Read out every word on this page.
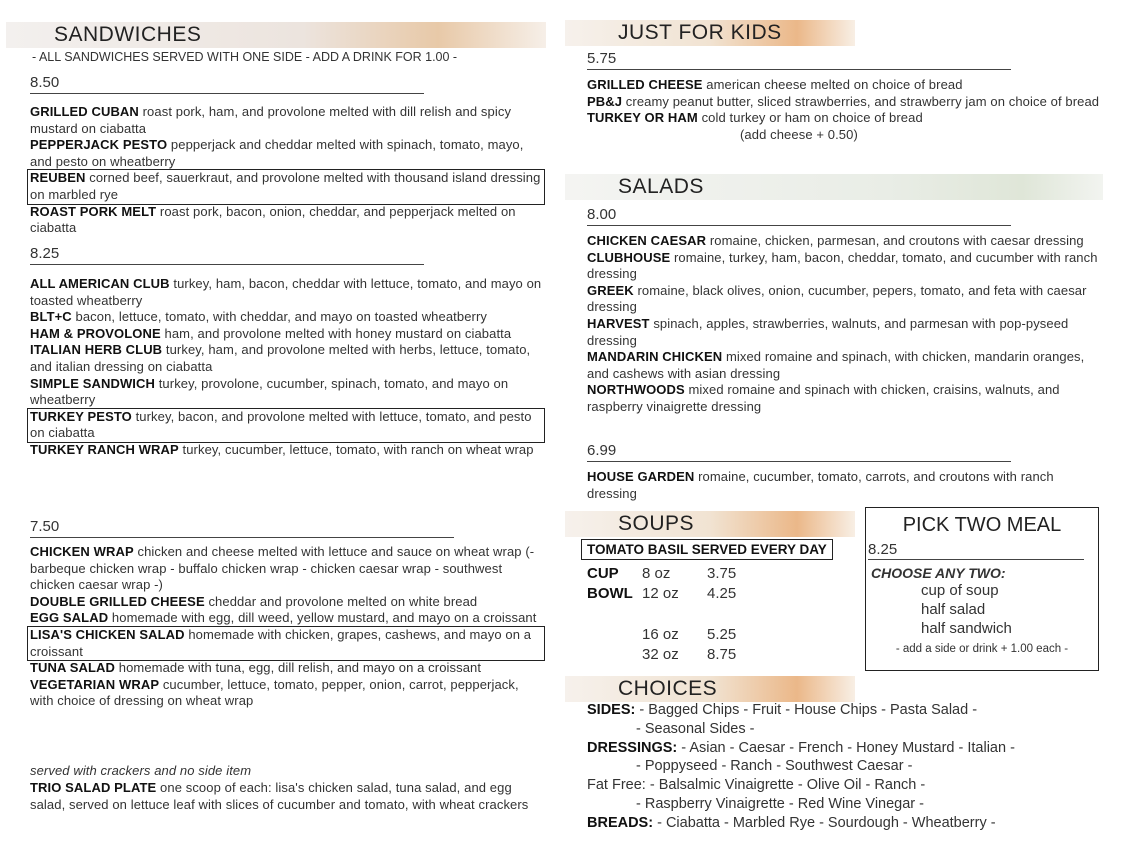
SANDWICHES
- ALL SANDWICHES SERVED WITH ONE SIDE - ADD A DRINK FOR 1.00 -
8.50
GRILLED CUBAN roast pork, ham, and provolone melted with dill relish and spicy mustard on ciabatta
PEPPERJACK PESTO pepperjack and cheddar melted with spinach, tomato, mayo, and pesto on wheatberry
REUBEN corned beef, sauerkraut, and provolone melted with thousand island dressing on marbled rye
ROAST PORK MELT roast pork, bacon, onion, cheddar, and pepperjack melted on ciabatta
8.25
ALL AMERICAN CLUB turkey, ham, bacon, cheddar with lettuce, tomato, and mayo on toasted wheatberry
BLT+C bacon, lettuce, tomato, with cheddar, and mayo on toasted wheatberry
HAM & PROVOLONE ham, and provolone melted with honey mustard on ciabatta
ITALIAN HERB CLUB turkey, ham, and provolone melted with herbs, lettuce, tomato, and italian dressing on ciabatta
SIMPLE SANDWICH turkey, provolone, cucumber, spinach, tomato, and mayo on wheatberry
TURKEY PESTO turkey, bacon, and provolone melted with lettuce, tomato, and pesto on ciabatta
TURKEY RANCH WRAP turkey, cucumber, lettuce, tomato, with ranch on wheat wrap
7.50
CHICKEN WRAP chicken and cheese melted with lettuce and sauce on wheat wrap (- barbeque chicken wrap - buffalo chicken wrap - chicken caesar wrap - southwest chicken caesar wrap -)
DOUBLE GRILLED CHEESE cheddar and provolone melted on white bread
EGG SALAD homemade with egg, dill weed, yellow mustard, and mayo on a croissant
LISA'S CHICKEN SALAD homemade with chicken, grapes, cashews, and mayo on a croissant
TUNA SALAD homemade with tuna, egg, dill relish, and mayo on a croissant
VEGETARIAN WRAP cucumber, lettuce, tomato, pepper, onion, carrot, pepperjack, with choice of dressing on wheat wrap
served with crackers and no side item
TRIO SALAD PLATE one scoop of each: lisa's chicken salad, tuna salad, and egg salad, served on lettuce leaf with slices of cucumber and tomato, with wheat crackers
JUST FOR KIDS
5.75
GRILLED CHEESE american cheese melted on choice of bread
PB&J creamy peanut butter, sliced strawberries, and strawberry jam on choice of bread
TURKEY OR HAM cold turkey or ham on choice of bread
(add cheese + 0.50)
SALADS
8.00
CHICKEN CAESAR romaine, chicken, parmesan, and croutons with caesar dressing
CLUBHOUSE romaine, turkey, ham, bacon, cheddar, tomato, and cucumber with ranch dressing
GREEK romaine, black olives, onion, cucumber, pepers, tomato, and feta with caesar dressing
HARVEST spinach, apples, strawberries, walnuts, and parmesan with pop-pyseed dressing
MANDARIN CHICKEN mixed romaine and spinach, with chicken, mandarin oranges, and cashews with asian dressing
NORTHWOODS mixed romaine and spinach with chicken, craisins, walnuts, and raspberry vinaigrette dressing
6.99
HOUSE GARDEN romaine, cucumber, tomato, carrots, and croutons with ranch dressing
SOUPS
TOMATO BASIL SERVED EVERY DAY
CUP	8 oz	3.75
BOWL 12 oz	4.25
16 oz	5.25
32 oz	8.75
PICK TWO MEAL
8.25
CHOOSE ANY TWO:
cup of soup
half salad
half sandwich
- add a side or drink + 1.00 each -
CHOICES
SIDES: - Bagged Chips - Fruit - House Chips - Pasta Salad -
- Seasonal Sides -
DRESSINGS: - Asian - Caesar - French - Honey Mustard - Italian -
- Poppyseed - Ranch - Southwest Caesar -
Fat Free: - Balsalmic Vinaigrette - Olive Oil - Ranch -
- Raspberry Vinaigrette - Red Wine Vinegar -
BREADS: - Ciabatta - Marbled Rye - Sourdough - Wheatberry -
